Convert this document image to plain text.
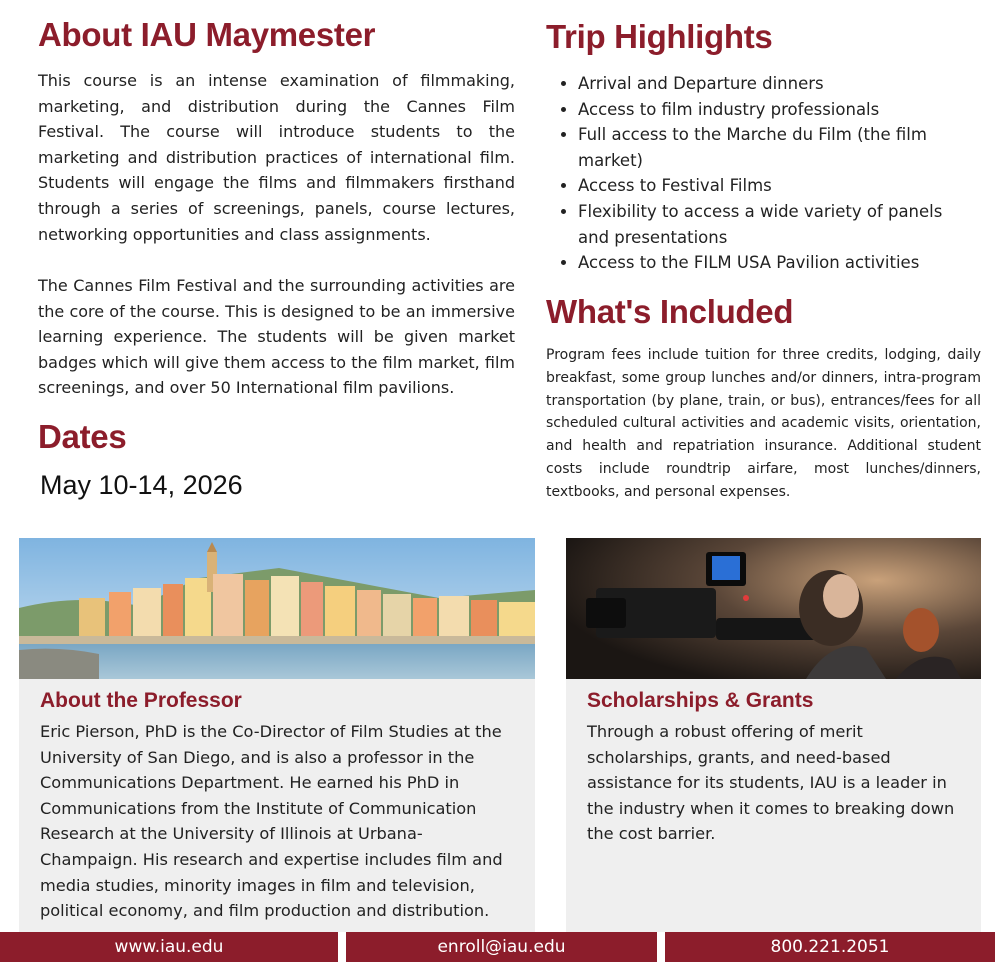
About IAU Maymester

This course is an intense examination of filmmaking, marketing, and distribution during the Cannes Film Festival. The course will introduce students to the marketing and distribution practices of international film. Students will engage the films and filmmakers firsthand through a series of screenings, panels, course lectures, networking opportunities and class assignments.

The Cannes Film Festival and the surrounding activities are the core of the course. This is designed to be an immersive learning experience. The students will be given market badges which will give them access to the film market, film screenings, and over 50 International film pavilions.

Dates

May 10-14, 2026

Trip Highlights
• Arrival and Departure dinners
• Access to film industry professionals
• Full access to the Marche du Film (the film market)
• Access to Festival Films
• Flexibility to access a wide variety of panels and presentations
• Access to the FILM USA Pavilion activities
What's Included

Program fees include tuition for three credits, lodging, daily breakfast, some group lunches and/or dinners, intra-program transportation (by plane, train, or bus), entrances/fees for all scheduled cultural activities and academic visits, orientation, and health and repatriation insurance. Additional student costs include roundtrip airfare, most lunches/dinners, textbooks, and personal expenses.

About the Professor

Eric Pierson, PhD is the Co-Director of Film Studies at the University of San Diego, and is also a professor in the Communications Department. He earned his PhD in Communications from the Institute of Communication Research at the University of Illinois at Urbana-Champaign. His research and expertise includes film and media studies, minority images in film and television, political economy, and film production and distribution.

Scholarships & Grants

Through a robust offering of merit scholarships, grants, and need-based assistance for its students, IAU is a leader in the industry when it comes to breaking down the cost barrier.

www.iau.edu	enroll@iau.edu	800.221.2051
